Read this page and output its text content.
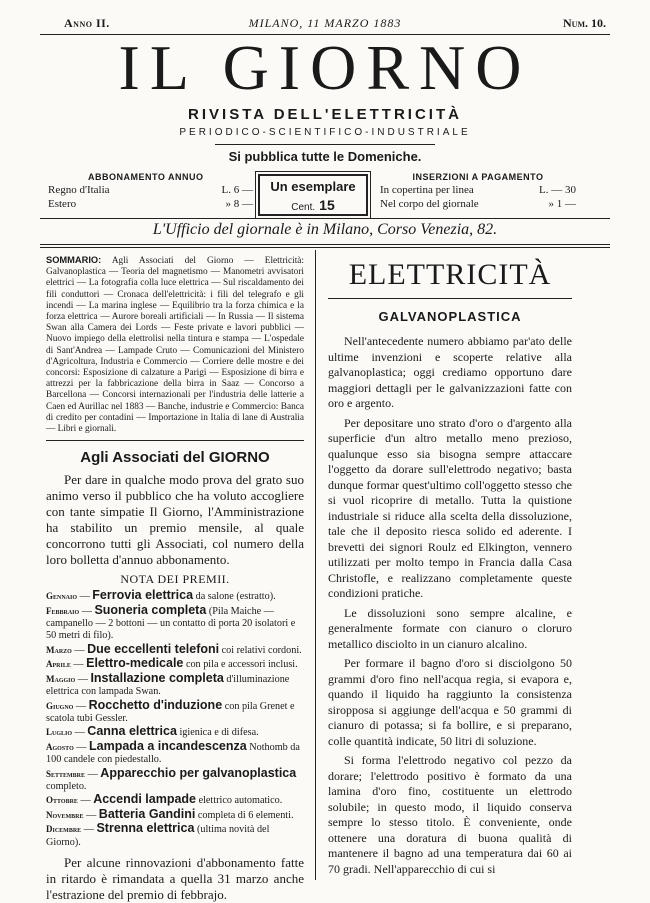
Anno II.	MILANO, 11 MARZO 1883	Num. 10.
IL GIORNO
RIVISTA DELL'ELETTRICITÀ
PERIODICO-SCIENTIFICO-INDUSTRIALE
Si pubblica tutte le Domeniche.
ABBONAMENTO ANNUO
Regno d'Italia	L. 6 —
Estero	» 8 —
Un esemplare
Cent. 15
INSERZIONI A PAGAMENTO
In copertina per linea	L. — 30
Nel corpo del giornale	» 1 —
L'Ufficio del giornale è in Milano, Corso Venezia, 82.
SOMMARIO: Agli Associati del Giorno — Elettricità: Galvanoplastica — Teoria del magnetismo — Manometri avvisatori elettrici — La fotografia colla luce elettrica — Sul riscaldamento dei fili conduttori — Cronaca dell'elettricità: i fili del telegrafo e gli incendi — La marina inglese — Equilibrio tra la forza chimica e la forza elettrica — Aurore boreali artificiali — In Russia — Il sistema Swan alla Camera dei Lords — Feste private e lavori pubblici — Nuovo impiego della elettrolisi nella tintura e stampa — L'ospedale di Sant'Andrea — Lampade Cruto — Comunicazioni del Ministero d'Agricoltura, Industria e Commercio — Corriere delle mostre e dei concorsi: Esposizione di calzature a Parigi — Esposizione di birra e attrezzi per la fabbricazione della birra in Saaz — Concorso a Barcellona — Concorsi internazionali per l'industria delle latterie a Caen ed Aurillac nel 1883 — Banche, industrie e Commercio: Banca di credito per contadini — Importazione in Italia di lane di Australia — Libri e giornali.
Agli Associati del GIORNO
Per dare in qualche modo prova del grato suo animo verso il pubblico che ha voluto accogliere con tante simpatie Il Giorno, l'Amministrazione ha stabilito un premio mensile, al quale concorrono tutti gli Associati, col numero della loro bolletta d'annuo abbonamento.
NOTA DEI PREMII.
Gennaio — Ferrovia elettrica da salone (estratto).
Febbraio — Suoneria completa (Pila Maiche — campanello — 2 bottoni — un contatto di porta 20 isolatori e 50 metri di filo).
Marzo — Due eccellenti telefoni coi relativi cordoni.
Aprile — Elettro-medicale con pila e accessori inclusi.
Maggio — Installazione completa d'illuminazione elettrica con lampada Swan.
Giugno — Rocchetto d'induzione con pila Grenet e scatola tubi Gessler.
Luglio — Canna elettrica igienica e di difesa.
Agosto — Lampada a incandescenza Nothomb da 100 candele con piedestallo.
Settembre — Apparecchio per galvanoplastica completo.
Ottobre — Accendi lampade elettrico automatico.
Novembre — Batteria Gandini completa di 6 elementi.
Dicembre — Strenna elettrica (ultima novità del Giorno).
Per alcune rinnovazioni d'abbonamento fatte in ritardo è rimandata a quella 31 marzo anche l'estrazione del premio di febbrajo.
ELETTRICITÀ
GALVANOPLASTICA
Nell'antecedente numero abbiamo par'ato delle ultime invenzioni e scoperte relative alla galvanoplastica; oggi crediamo opportuno dare maggiori dettagli per le galvanizzazioni fatte con oro e argento.
Per depositare uno strato d'oro o d'argento alla superficie d'un altro metallo meno prezioso, qualunque esso sia bisogna sempre attaccare l'oggetto da dorare sull'elettrodo negativo; basta dunque formar quest'ultimo coll'oggetto stesso che si vuol ricoprire di metallo. Tutta la quistione industriale si riduce alla scelta della dissoluzione, tale che il deposito riesca solido ed aderente. I brevetti dei signori Roulz ed Elkington, vennero utilizzati per molto tempo in Francia dalla Casa Christofle, e realizzano completamente queste condizioni pratiche.
Le dissoluzioni sono sempre alcaline, e generalmente formate con cianuro o cloruro metallico disciolto in un cianuro alcalino.
Per formare il bagno d'oro si disciolgono 50 grammi d'oro fino nell'acqua regia, si evapora e, quando il liquido ha raggiunto la consistenza siropposa si aggiunge dell'acqua e 50 grammi di cianuro di potassa; si fa bollire, e si preparano, colle quantità indicate, 50 litri di soluzione.
Si forma l'elettrodo negativo col pezzo da dorare; l'elettrodo positivo è formato da una lamina d'oro fino, costituente un elettrodo solubile; in questo modo, il liquido conserva sempre lo stesso titolo. È conveniente, onde ottenere una doratura di buona qualità di mantenere il bagno ad una temperatura dai 60 ai 70 gradi. Nell'apparecchio di cui si
